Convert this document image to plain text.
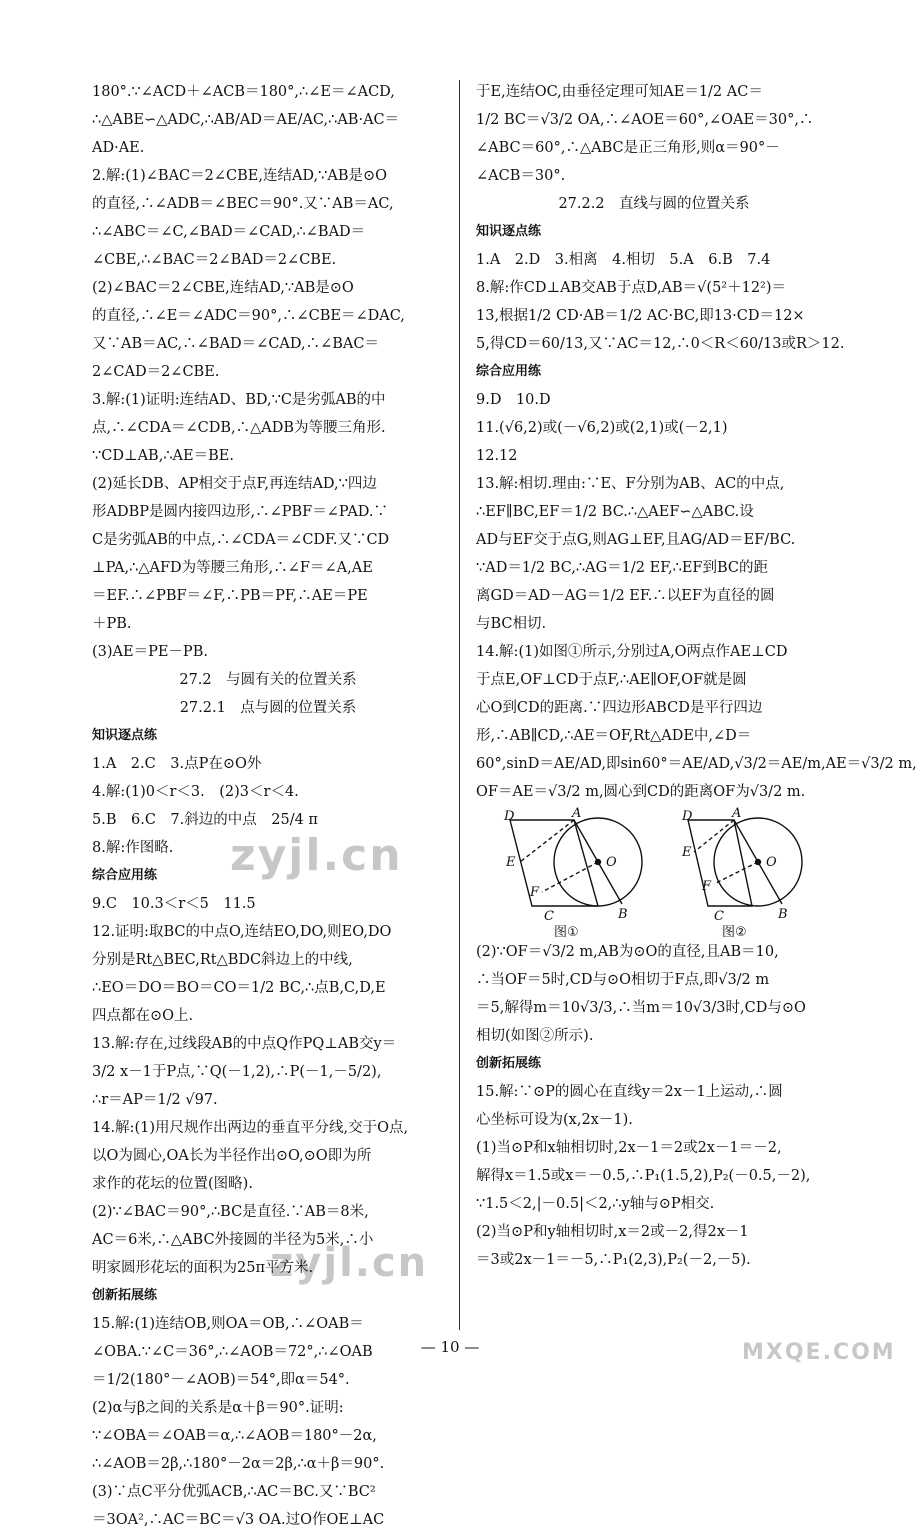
180°.∵∠ACD＋∠ACB＝180°,∴∠E＝∠ACD,
∴△ABE∽△ADC,∴AB/AD＝AE/AC,∴AB·AC＝
AD·AE.
2.解:(1)∠BAC＝2∠CBE,连结AD,∵AB是⊙O
的直径,∴∠ADB＝∠BEC＝90°.又∵AB＝AC,
∴∠ABC＝∠C,∠BAD＝∠CAD,∴∠BAD＝
∠CBE,∴∠BAC＝2∠BAD＝2∠CBE.
(2)∠BAC＝2∠CBE,连结AD,∵AB是⊙O
的直径,∴∠E＝∠ADC＝90°,∴∠CBE＝∠DAC,
又∵AB＝AC,∴∠BAD＝∠CAD,∴∠BAC＝
2∠CAD＝2∠CBE.
3.解:(1)证明:连结AD、BD,∵C是劣弧AB的中
点,∴∠CDA＝∠CDB,∴△ADB为等腰三角形.
∵CD⊥AB,∴AE＝BE.
(2)延长DB、AP相交于点F,再连结AD,∵四边
形ADBP是圆内接四边形,∴∠PBF＝∠PAD.∵
C是劣弧AB的中点,∴∠CDA＝∠CDF.又∵CD
⊥PA,∴△AFD为等腰三角形,∴∠F＝∠A,AE
＝EF.∴∠PBF＝∠F,∴PB＝PF,∴AE＝PE
＋PB.
(3)AE＝PE－PB.
27.2　与圆有关的位置关系
27.2.1　点与圆的位置关系
知识逐点练
1.A　2.C　3.点P在⊙O外
4.解:(1)0＜r＜3.　(2)3＜r＜4.
5.B　6.C　7.斜边的中点　25/4 π
8.解:作图略.
综合应用练
9.C　10.3＜r＜5　11.5
12.证明:取BC的中点O,连结EO,DO,则EO,DO
分别是Rt△BEC,Rt△BDC斜边上的中线,
∴EO＝DO＝BO＝CO＝1/2 BC,∴点B,C,D,E
四点都在⊙O上.
13.解:存在,过线段AB的中点Q作PQ⊥AB交y＝
3/2 x－1于P点,∵Q(－1,2),∴P(－1,－5/2),
∴r＝AP＝1/2 √97.
14.解:(1)用尺规作出两边的垂直平分线,交于O点,
以O为圆心,OA长为半径作出⊙O,⊙O即为所
求作的花坛的位置(图略).
(2)∵∠BAC＝90°,∴BC是直径.∵AB＝8米,
AC＝6米,∴△ABC外接圆的半径为5米,∴小
明家圆形花坛的面积为25π平方米.
创新拓展练
15.解:(1)连结OB,则OA＝OB,∴∠OAB＝
∠OBA.∵∠C＝36°,∴∠AOB＝72°,∴∠OAB
＝1/2(180°－∠AOB)＝54°,即α＝54°.
(2)α与β之间的关系是α＋β＝90°.证明:
∵∠OBA＝∠OAB＝α,∴∠AOB＝180°－2α,
∴∠AOB＝2β,∴180°－2α＝2β,∴α＋β＝90°.
(3)∵点C平分优弧ACB,∴AC＝BC.又∵BC²
＝3OA²,∴AC＝BC＝√3 OA.过O作OE⊥AC
于E,连结OC,由垂径定理可知AE＝1/2 AC＝
1/2 BC＝√3/2 OA,∴∠AOE＝60°,∠OAE＝30°,∴
∠ABC＝60°,∴△ABC是正三角形,则α＝90°－
∠ACB＝30°.
27.2.2　直线与圆的位置关系
知识逐点练
1.A　2.D　3.相离　4.相切　5.A　6.B　7.4
8.解:作CD⊥AB交AB于点D,AB＝√(5²＋12²)＝
13,根据1/2 CD·AB＝1/2 AC·BC,即13·CD＝12×
5,得CD＝60/13,又∵AC＝12,∴0＜R＜60/13或R＞12.
综合应用练
9.D　10.D
11.(√6,2)或(－√6,2)或(2,1)或(－2,1)
12.12
13.解:相切.理由:∵E、F分别为AB、AC的中点,
∴EF∥BC,EF＝1/2 BC.∴△AEF∽△ABC.设
AD与EF交于点G,则AG⊥EF,且AG/AD＝EF/BC.
∵AD＝1/2 BC,∴AG＝1/2 EF,∴EF到BC的距
离GD＝AD－AG＝1/2 EF.∴以EF为直径的圆
与BC相切.
14.解:(1)如图①所示,分别过A,O两点作AE⊥CD
于点E,OF⊥CD于点F,∴AE∥OF,OF就是圆
心O到CD的距离.∵四边形ABCD是平行四边
形,∴AB∥CD,∴AE＝OF,Rt△ADE中,∠D＝
60°,sinD＝AE/AD,即sin60°＝AE/AD,√3/2＝AE/m,AE＝√3/2 m,
OF＝AE＝√3/2 m,圆心到CD的距离OF为√3/2 m.
D	A
E	O
F
C	B
图①
D	A
E
O
F
C	B
图②
(2)∵OF＝√3/2 m,AB为⊙O的直径,且AB＝10,
∴当OF＝5时,CD与⊙O相切于F点,即√3/2 m
＝5,解得m＝10√3/3,∴当m＝10√3/3时,CD与⊙O
相切(如图②所示).
创新拓展练
15.解:∵⊙P的圆心在直线y＝2x－1上运动,∴圆
心坐标可设为(x,2x－1).
(1)当⊙P和x轴相切时,2x－1＝2或2x－1＝－2,
解得x＝1.5或x＝－0.5,∴P₁(1.5,2),P₂(－0.5,－2),
∵1.5＜2,|－0.5|＜2,∴y轴与⊙P相交.
(2)当⊙P和y轴相切时,x＝2或－2,得2x－1
＝3或2x－1＝－5,∴P₁(2,3),P₂(－2,－5).
zyjl.cn
zyjl.cn
MXQE.COM
— 10 —
